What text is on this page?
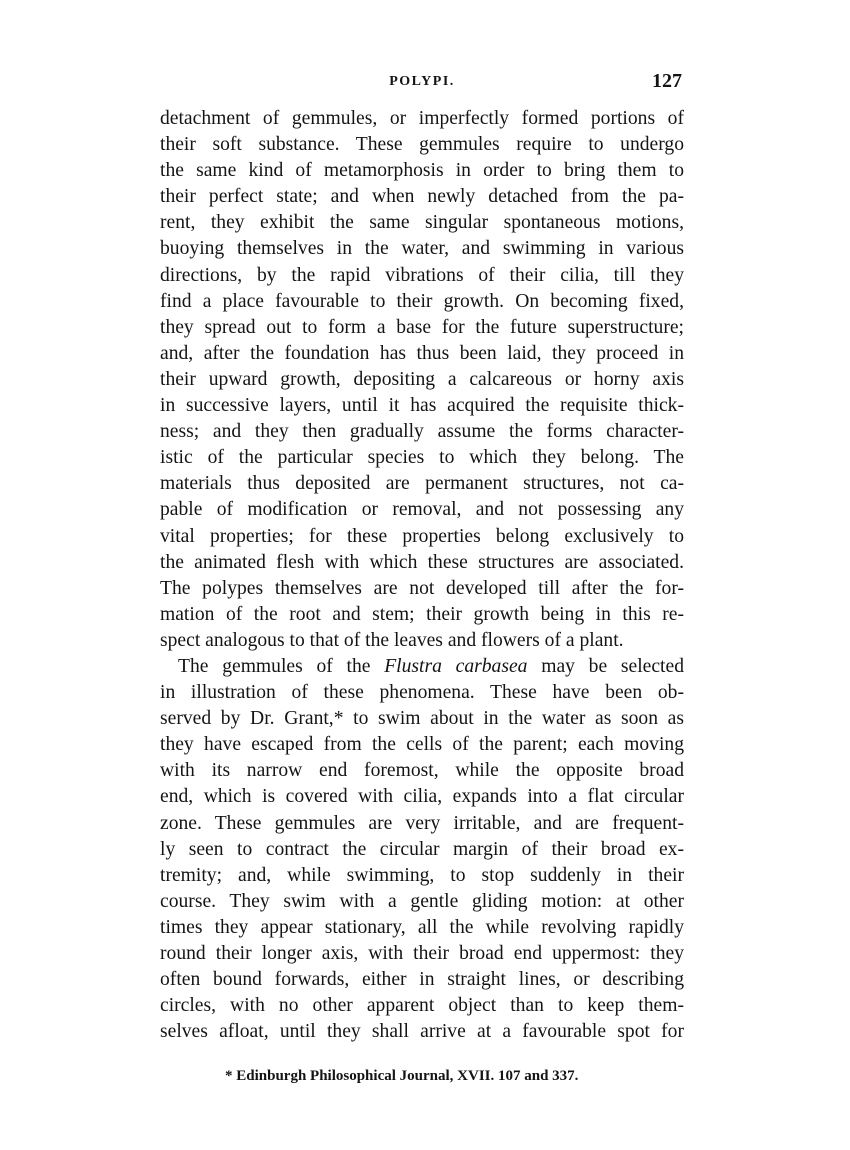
POLYPI.	127
detachment of gemmules, or imperfectly formed portions of
their soft substance. These gemmules require to undergo
the same kind of metamorphosis in order to bring them to
their perfect state; and when newly detached from the pa-
rent, they exhibit the same singular spontaneous motions,
buoying themselves in the water, and swimming in various
directions, by the rapid vibrations of their cilia, till they
find a place favourable to their growth. On becoming fixed,
they spread out to form a base for the future superstructure;
and, after the foundation has thus been laid, they proceed in
their upward growth, depositing a calcareous or horny axis
in successive layers, until it has acquired the requisite thick-
ness; and they then gradually assume the forms character-
istic of the particular species to which they belong. The
materials thus deposited are permanent structures, not ca-
pable of modification or removal, and not possessing any
vital properties; for these properties belong exclusively to
the animated flesh with which these structures are associated.
The polypes themselves are not developed till after the for-
mation of the root and stem; their growth being in this re-
spect analogous to that of the leaves and flowers of a plant.
The gemmules of the Flustra carbasea may be selected
in illustration of these phenomena. These have been ob-
served by Dr. Grant,* to swim about in the water as soon as
they have escaped from the cells of the parent; each moving
with its narrow end foremost, while the opposite broad
end, which is covered with cilia, expands into a flat circular
zone. These gemmules are very irritable, and are frequent-
ly seen to contract the circular margin of their broad ex-
tremity; and, while swimming, to stop suddenly in their
course. They swim with a gentle gliding motion: at other
times they appear stationary, all the while revolving rapidly
round their longer axis, with their broad end uppermost: they
often bound forwards, either in straight lines, or describing
circles, with no other apparent object than to keep them-
selves afloat, until they shall arrive at a favourable spot for
* Edinburgh Philosophical Journal, XVII. 107 and 337.
